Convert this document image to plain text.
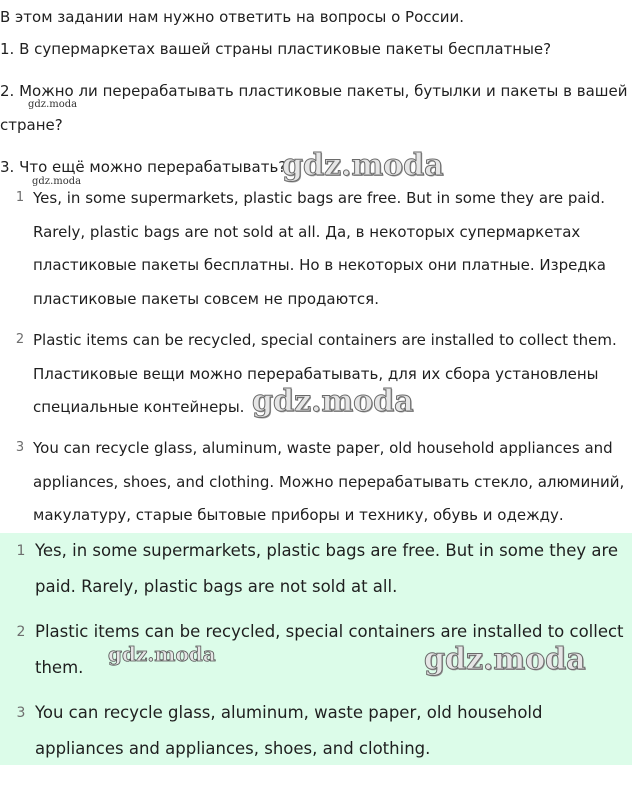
В этом задании нам нужно ответить на вопросы о России.
1. В супермаркетах вашей страны пластиковые пакеты бесплатные?
2. Можно ли перерабатывать пластиковые пакеты, бутылки и пакеты в вашей стране?
3. Что ещё можно перерабатывать?
1 Yes, in some supermarkets, plastic bags are free. But in some they are paid. Rarely, plastic bags are not sold at all. Да, в некоторых супермаркетах пластиковые пакеты бесплатны. Но в некоторых они платные. Изредка пластиковые пакеты совсем не продаются.
2 Plastic items can be recycled, special containers are installed to collect them. Пластиковые вещи можно перерабатывать, для их сбора установлены специальные контейнеры.
3 You can recycle glass, aluminum, waste paper, old household appliances and appliances, shoes, and clothing. Можно перерабатывать стекло, алюминий, макулатуру, старые бытовые приборы и технику, обувь и одежду.
1 Yes, in some supermarkets, plastic bags are free. But in some they are paid. Rarely, plastic bags are not sold at all.
2 Plastic items can be recycled, special containers are installed to collect them.
3 You can recycle glass, aluminum, waste paper, old household appliances and appliances, shoes, and clothing.
gdz.moda
gdz.moda
gdz.moda
gdz.moda
gdz.moda	gdz.moda
